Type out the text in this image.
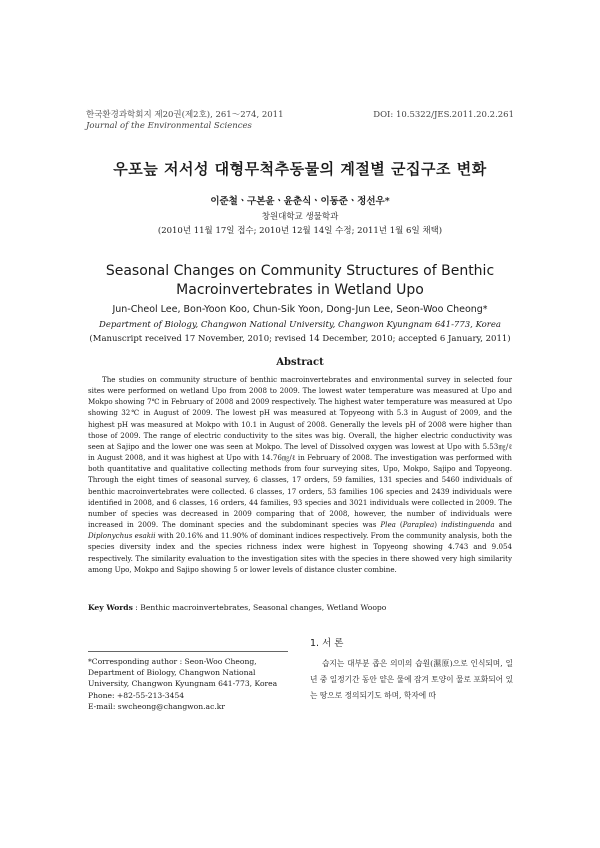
한국환경과학회지 제20권(제2호), 261～274, 2011
Journal of the Environmental Sciences
DOI: 10.5322/JES.2011.20.2.261
우포늪 저서성 대형무척추동물의 계절별 군집구조 변화
이준철ㆍ구본윤ㆍ윤춘식ㆍ이동준ㆍ정선우*
창원대학교 생물학과
(2010년 11월 17일 접수; 2010년 12월 14일 수정; 2011년 1월 6일 채택)
Seasonal Changes on Community Structures of Benthic
Macroinvertebrates in Wetland Upo
Jun-Cheol Lee, Bon-Yoon Koo, Chun-Sik Yoon, Dong-Jun Lee, Seon-Woo Cheong*
Department of Biology, Changwon National University, Changwon Kyungnam 641-773, Korea
(Manuscript received 17 November, 2010; revised 14 December, 2010; accepted 6 January, 2011)
Abstract

The studies on community structure of benthic macroinvertebrates and environmental survey in selected four sites were performed on wetland Upo from 2008 to 2009. The lowest water temperature was measured at Upo and Mokpo showing 7℃ in February of 2008 and 2009 respectively. The highest water temperature was measured at Upo showing 32℃ in August of 2009. The lowest pH was measured at Topyeong with 5.3 in August of 2009, and the highest pH was measured at Mokpo with 10.1 in August of 2008. Generally the levels pH of 2008 were higher than those of 2009. The range of electric conductivity to the sites was big. Overall, the higher electric conductivity was seen at Sajipo and the lower one was seen at Mokpo. The level of Dissolved oxygen was lowest at Upo with 5.53㎎/ℓ in August 2008, and it was highest at Upo with 14.76㎎/ℓ in February of 2008. The investigation was performed with both quantitative and qualitative collecting methods from four surveying sites, Upo, Mokpo, Sajipo and Topyeong. Through the eight times of seasonal survey, 6 classes, 17 orders, 59 families, 131 species and 5460 individuals of benthic macroinvertebrates were collected. 6 classes, 17 orders, 53 families 106 species and 2439 individuals were identified in 2008, and 6 classes, 16 orders, 44 families, 93 species and 3021 individuals were collected in 2009. The number of species was decreased in 2009 comparing that of 2008, however, the number of individuals were increased in 2009. The dominant species and the subdominant species was Plea (Paraplea) indistinguenda and Diplonychus esakii with 20.16% and 11.90% of dominant indices respectively. From the community analysis, both the species diversity index and the species richness index were highest in Topyeong showing 4.743 and 9.054 respectively. The similarity evaluation to the investigation sites with the species in there showed very high similarity among Upo, Mokpo and Sajipo showing 5 or lower levels of distance cluster combine.

Key Words : Benthic macroinvertebrates, Seasonal changes, Wetland Woopo
*Corresponding author : Seon-Woo Cheong, Department of Biology, Changwon National University, Changwon Kyungnam 641-773, Korea
Phone: +82-55-213-3454
E-mail: swcheong@changwon.ac.kr
1. 서 론

습지는 대부분 좁은 의미의 습원(濕原)으로 인식되며, 일 년 중 일정기간 동안 얕은 물에 잠겨 토양이 물로 포화되어 있는 땅으로 정의되기도 하며, 학자에 따
